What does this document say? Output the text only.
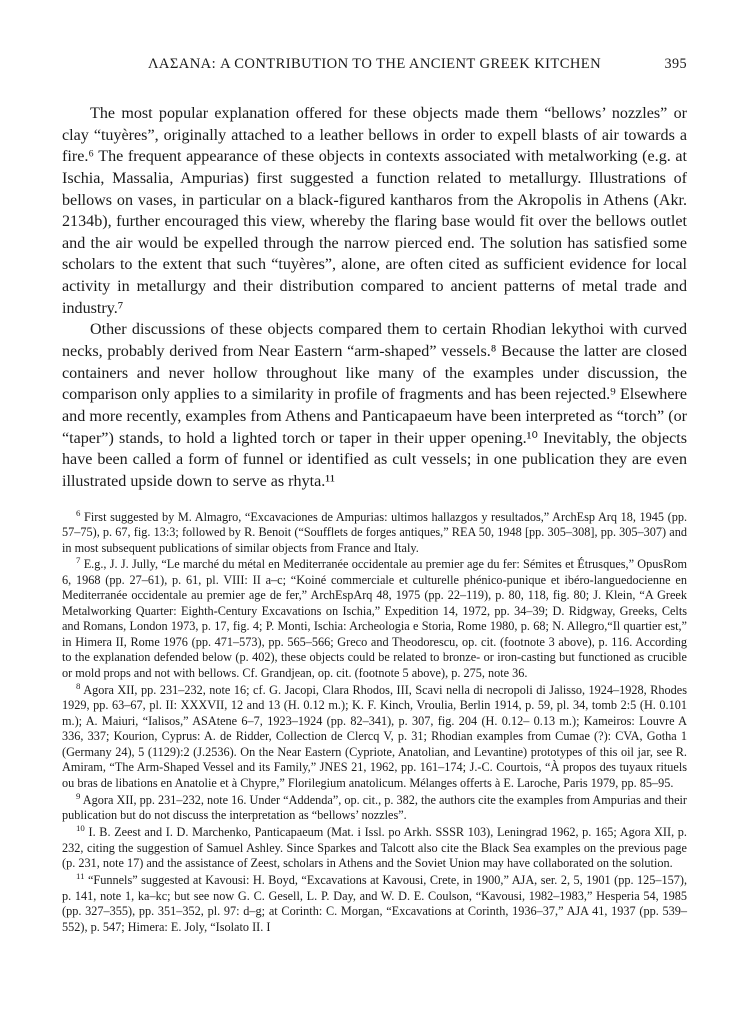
ΛΑΣΑΝΑ: A CONTRIBUTION TO THE ANCIENT GREEK KITCHEN	395

The most popular explanation offered for these objects made them “bellows’ nozzles” or clay “tuyères”, originally attached to a leather bellows in order to expell blasts of air towards a fire.⁶ The frequent appearance of these objects in contexts associated with metalworking (e.g. at Ischia, Massalia, Ampurias) first suggested a function related to metallurgy. Illustrations of bellows on vases, in particular on a black-figured kantharos from the Akropolis in Athens (Akr. 2134b), further encouraged this view, whereby the flaring base would fit over the bellows outlet and the air would be expelled through the narrow pierced end. The solution has satisfied some scholars to the extent that such “tuyères”, alone, are often cited as sufficient evidence for local activity in metallurgy and their distribution compared to ancient patterns of metal trade and industry.⁷

Other discussions of these objects compared them to certain Rhodian lekythoi with curved necks, probably derived from Near Eastern “arm-shaped” vessels.⁸ Because the latter are closed containers and never hollow throughout like many of the examples under discussion, the comparison only applies to a similarity in profile of fragments and has been rejected.⁹ Elsewhere and more recently, examples from Athens and Panticapaeum have been interpreted as “torch” (or “taper”) stands, to hold a lighted torch or taper in their upper opening.¹⁰ Inevitably, the objects have been called a form of funnel or identified as cult vessels; in one publication they are even illustrated upside down to serve as rhyta.¹¹

$^6$ First suggested by M. Almagro, “Excavaciones de Ampurias: ultimos hallazgos y resultados,” ArchEsp Arq 18, 1945 (pp. 57–75), p. 67, fig. 13:3; followed by R. Benoit (“Soufflets de forges antiques,” REA 50, 1948 [pp. 305–308], pp. 305–307) and in most subsequent publications of similar objects from France and Italy.

$^7$ E.g., J. J. Jully, “Le marché du métal en Mediterranée occidentale au premier age du fer: Sémites et Étrusques,” OpusRom 6, 1968 (pp. 27–61), p. 61, pl. VIII: II a–c; “Koiné commerciale et culturelle phénico-punique et ibéro-languedocienne en Mediterranée occidentale au premier age de fer,” ArchEspArq 48, 1975 (pp. 22–119), p. 80, 118, fig. 80; J. Klein, “A Greek Metalworking Quarter: Eighth-Century Excavations on Ischia,” Expedition 14, 1972, pp. 34–39; D. Ridgway, Greeks, Celts and Romans, London 1973, p. 17, fig. 4; P. Monti, Ischia: Archeologia e Storia, Rome 1980, p. 68; N. Allegro,“Il quartier est,” in Himera II, Rome 1976 (pp. 471–573), pp. 565–566; Greco and Theodorescu, op. cit. (footnote 3 above), p. 116. According to the explanation defended below (p. 402), these objects could be related to bronze- or iron-casting but functioned as crucible or mold props and not with bellows. Cf. Grandjean, op. cit. (footnote 5 above), p. 275, note 36.

$^8$ Agora XII, pp. 231–232, note 16; cf. G. Jacopi, Clara Rhodos, III, Scavi nella di necropoli di Jalisso, 1924–1928, Rhodes 1929, pp. 63–67, pl. II: XXXVII, 12 and 13 (H. 0.12 m.); K. F. Kinch, Vroulia, Berlin 1914, p. 59, pl. 34, tomb 2:5 (H. 0.101 m.); A. Maiuri, “Ialisos,” ASAtene 6–7, 1923–1924 (pp. 82–341), p. 307, fig. 204 (H. 0.12– 0.13 m.); Kameiros: Louvre A 336, 337; Kourion, Cyprus: A. de Ridder, Collection de Clercq V, p. 31; Rhodian examples from Cumae (?): CVA, Gotha 1 (Germany 24), 5 (1129):2 (J.2536). On the Near Eastern (Cypriote, Anatolian, and Levantine) prototypes of this oil jar, see R. Amiram, “The Arm-Shaped Vessel and its Family,” JNES 21, 1962, pp. 161–174; J.-C. Courtois, “À propos des tuyaux rituels ou bras de libations en Anatolie et à Chypre,” Florilegium anatolicum. Mélanges offerts à E. Laroche, Paris 1979, pp. 85–95.

$^9$ Agora XII, pp. 231–232, note 16. Under “Addenda”, op. cit., p. 382, the authors cite the examples from Ampurias and their publication but do not discuss the interpretation as “bellows’ nozzles”.

$^{10}$ I. B. Zeest and I. D. Marchenko, Panticapaeum (Mat. i Issl. po Arkh. SSSR 103), Leningrad 1962, p. 165; Agora XII, p. 232, citing the suggestion of Samuel Ashley. Since Sparkes and Talcott also cite the Black Sea examples on the previous page (p. 231, note 17) and the assistance of Zeest, scholars in Athens and the Soviet Union may have collaborated on the solution.

$^{11}$ “Funnels” suggested at Kavousi: H. Boyd, “Excavations at Kavousi, Crete, in 1900,” AJA, ser. 2, 5, 1901 (pp. 125–157), p. 141, note 1, ka–kc; but see now G. C. Gesell, L. P. Day, and W. D. E. Coulson, “Kavousi, 1982–1983,” Hesperia 54, 1985 (pp. 327–355), pp. 351–352, pl. 97: d–g; at Corinth: C. Morgan, “Excavations at Corinth, 1936–37,” AJA 41, 1937 (pp. 539–552), p. 547; Himera: E. Joly, “Isolato II. I
